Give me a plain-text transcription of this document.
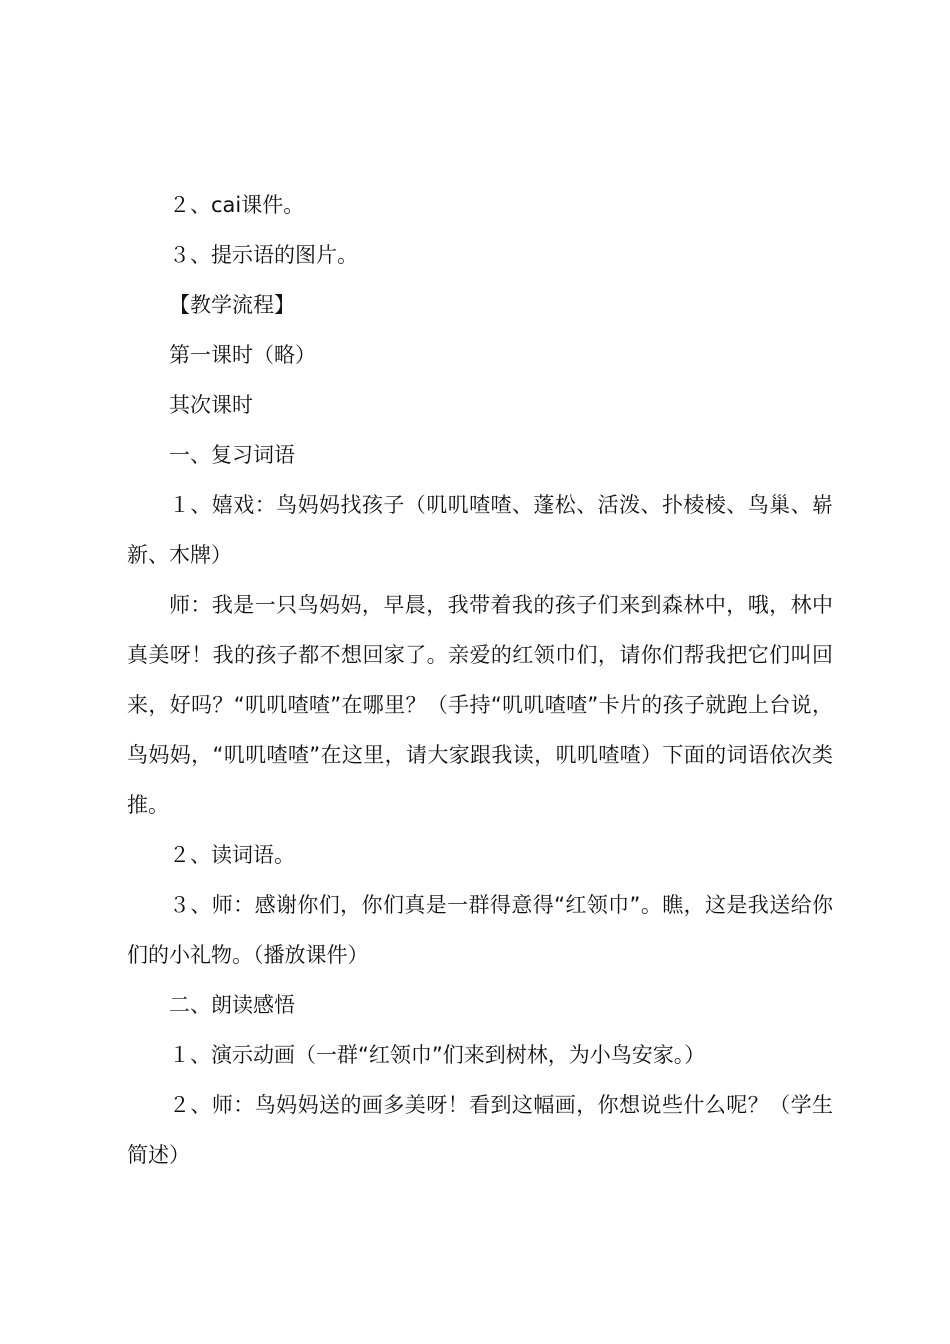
２、cai课件。

３、提示语的图片。

【教学流程】

第一课时（略）

其次课时

一、复习词语

１、嬉戏：鸟妈妈找孩子（叽叽喳喳、蓬松、活泼、扑棱棱、鸟巢、崭新、木牌）

师：我是一只鸟妈妈，早晨，我带着我的孩子们来到森林中，哦，林中真美呀！我的孩子都不想回家了。亲爱的红领巾们，请你们帮我把它们叫回来，好吗？“叽叽喳喳”在哪里？（手持“叽叽喳喳”卡片的孩子就跑上台说，鸟妈妈，“叽叽喳喳”在这里，请大家跟我读，叽叽喳喳）下面的词语依次类推。

２、读词语。

３、师：感谢你们，你们真是一群得意得“红领巾”。瞧，这是我送给你们的小礼物。（播放课件）

二、朗读感悟

１、演示动画（一群“红领巾”们来到树林，为小鸟安家。）

２、师：鸟妈妈送的画多美呀！看到这幅画，你想说些什么呢？（学生简述）
